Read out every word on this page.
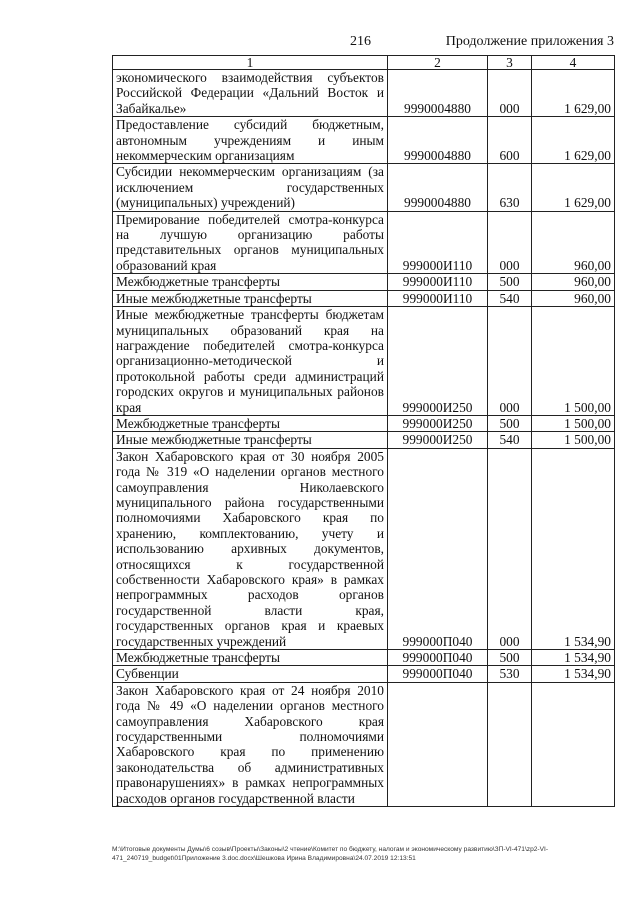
216	Продолжение приложения 3
1	2	3	4
экономического взаимодействия субъектов Российской Федерации «Дальний Восток и Забайкалье»	9990004880	000	1 629,00
Предоставление субсидий бюджетным, автономным учреждениям и иным некоммерческим организациям	9990004880	600	1 629,00
Субсидии некоммерческим организациям (за исключением государственных (муниципальных) учреждений)	9990004880	630	1 629,00
Премирование победителей смотра-конкурса на лучшую организацию работы представительных органов муниципальных образований края	999000И110	000	960,00
Межбюджетные трансферты	999000И110	500	960,00
Иные межбюджетные трансферты	999000И110	540	960,00
Иные межбюджетные трансферты бюджетам муниципальных образований края на награждение победителей смотра-конкурса организационно-методической и протокольной работы среди администраций городских округов и муниципальных районов края	999000И250	000	1 500,00
Межбюджетные трансферты	999000И250	500	1 500,00
Иные межбюджетные трансферты	999000И250	540	1 500,00
Закон Хабаровского края от 30 ноября 2005 года № 319 «О наделении органов местного самоуправления Николаевского муниципального района государственными полномочиями Хабаровского края по хранению, комплектованию, учету и использованию архивных документов, относящихся к государственной собственности Хабаровского края» в рамках непрограммных расходов органов государственной власти края, государственных органов края и краевых государственных учреждений	999000П040	000	1 534,90
Межбюджетные трансферты	999000П040	500	1 534,90
Субвенции	999000П040	530	1 534,90
Закон Хабаровского края от 24 ноября 2010 года № 49 «О наделении органов местного самоуправления Хабаровского края государственными полномочиями Хабаровского края по применению законодательства об административных правонарушениях» в рамках непрограммных расходов органов государственной власти			
M:\Итоговые документы Думы\6 созыв\Проекты\Законы\2 чтение\Комитет по бюджету, налогам и экономическому развитию\ЗП-VI-471\zp2-VI-471_240719_budget\01Приложение 3.doc.docx\Шешкова Ирина Владимировна\24.07.2019 12:13:51
